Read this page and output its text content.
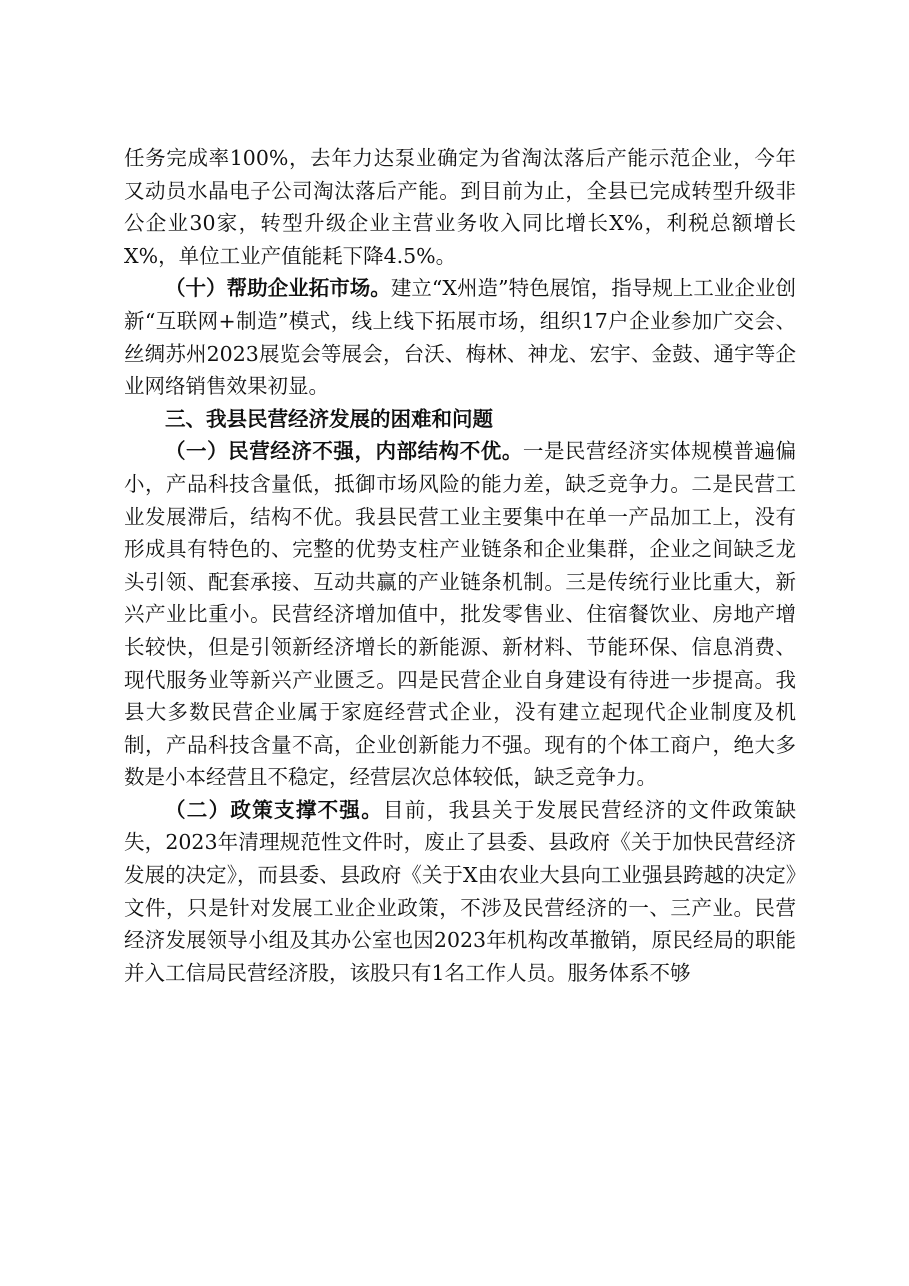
任务完成率100%，去年力达泵业确定为省淘汰落后产能示范企业，今年又动员水晶电子公司淘汰落后产能。到目前为止，全县已完成转型升级非公企业30家，转型升级企业主营业务收入同比增长X%，利税总额增长X%，单位工业产值能耗下降4.5%。

（十）帮助企业拓市场。建立“X州造”特色展馆，指导规上工业企业创新“互联网+制造”模式，线上线下拓展市场，组织17户企业参加广交会、丝绸苏州2023展览会等展会，台沃、梅林、神龙、宏宇、金鼓、通宇等企业网络销售效果初显。

三、我县民营经济发展的困难和问题

（一）民营经济不强，内部结构不优。一是民营经济实体规模普遍偏小，产品科技含量低，抵御市场风险的能力差，缺乏竞争力。二是民营工业发展滞后，结构不优。我县民营工业主要集中在单一产品加工上，没有形成具有特色的、完整的优势支柱产业链条和企业集群，企业之间缺乏龙头引领、配套承接、互动共赢的产业链条机制。三是传统行业比重大，新兴产业比重小。民营经济增加值中，批发零售业、住宿餐饮业、房地产增长较快，但是引领新经济增长的新能源、新材料、节能环保、信息消费、现代服务业等新兴产业匮乏。四是民营企业自身建设有待进一步提高。我县大多数民营企业属于家庭经营式企业，没有建立起现代企业制度及机制，产品科技含量不高，企业创新能力不强。现有的个体工商户，绝大多数是小本经营且不稳定，经营层次总体较低，缺乏竞争力。

（二）政策支撑不强。目前，我县关于发展民营经济的文件政策缺失，2023年清理规范性文件时，废止了县委、县政府《关于加快民营经济发展的决定》，而县委、县政府《关于X由农业大县向工业强县跨越的决定》文件，只是针对发展工业企业政策，不涉及民营经济的一、三产业。民营经济发展领导小组及其办公室也因2023年机构改革撤销，原民经局的职能并入工信局民营经济股，该股只有1名工作人员。服务体系不够
